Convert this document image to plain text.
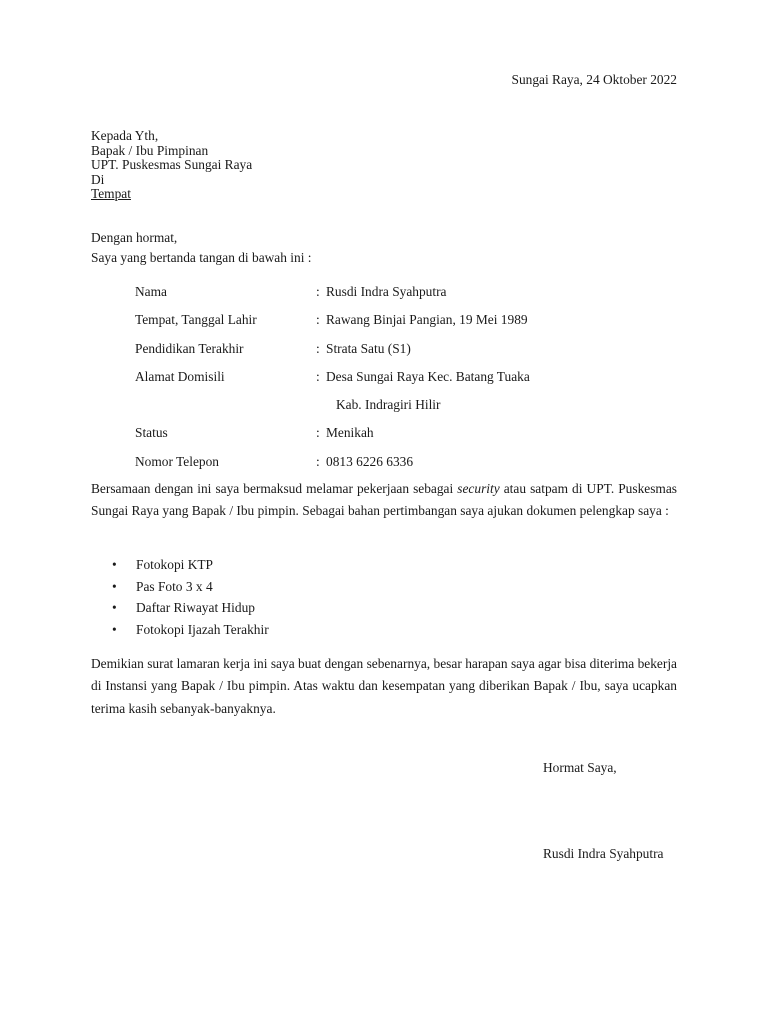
Sungai Raya, 24 Oktober 2022
Kepada Yth,
Bapak / Ibu Pimpinan
UPT. Puskesmas Sungai Raya
Di
Tempat
Dengan hormat,
Saya yang bertanda tangan di bawah ini :
Nama	: Rusdi Indra Syahputra
Tempat, Tanggal Lahir	: Rawang Binjai Pangian, 19 Mei 1989
Pendidikan Terakhir	: Strata Satu (S1)
Alamat Domisili	: Desa Sungai Raya Kec. Batang Tuaka
Kab. Indragiri Hilir
Status	: Menikah
Nomor Telepon	: 0813 6226 6336
Bersamaan dengan ini saya bermaksud melamar pekerjaan sebagai security atau satpam di UPT. Puskesmas Sungai Raya yang Bapak / Ibu pimpin. Sebagai bahan pertimbangan saya ajukan dokumen pelengkap saya :
• Fotokopi KTP
• Pas Foto 3 x 4
• Daftar Riwayat Hidup
• Fotokopi Ijazah Terakhir
Demikian surat lamaran kerja ini saya buat dengan sebenarnya, besar harapan saya agar bisa diterima bekerja di Instansi yang Bapak / Ibu pimpin. Atas waktu dan kesempatan yang diberikan Bapak / Ibu, saya ucapkan terima kasih sebanyak-banyaknya.
Hormat Saya,
Rusdi Indra Syahputra
